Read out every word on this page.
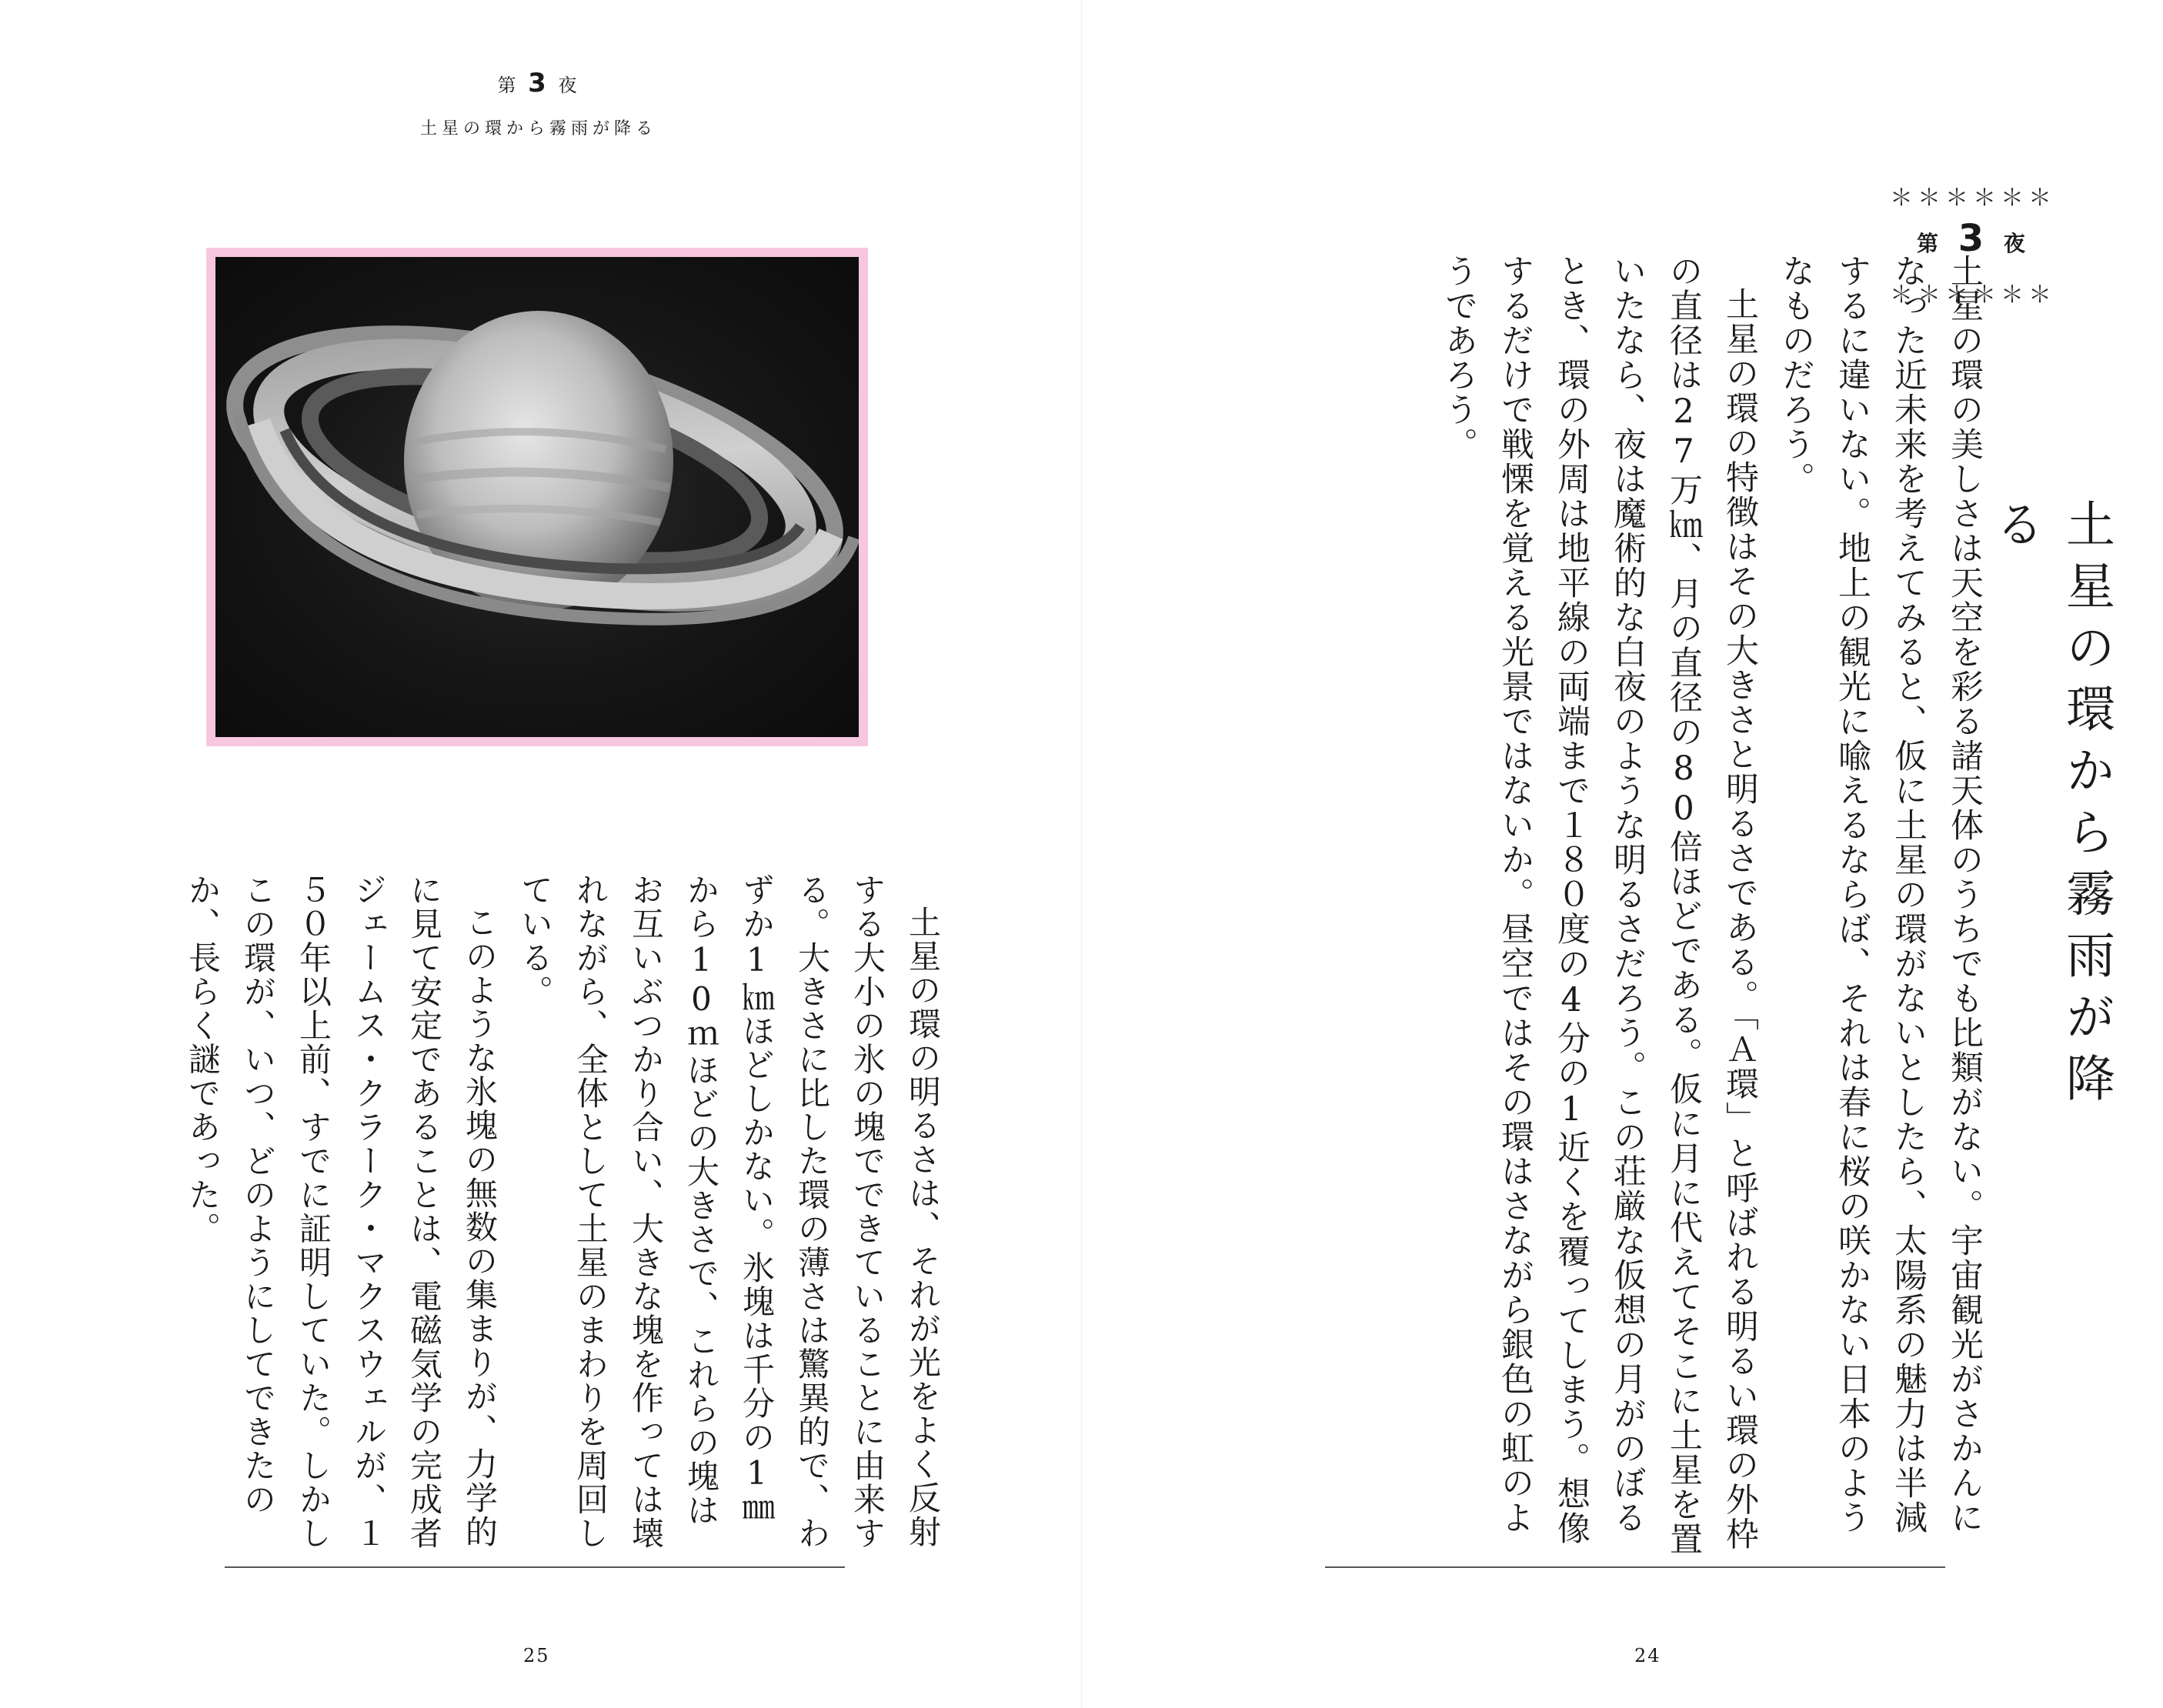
第 3 夜
土星の環から霧雨が降る

土星の環の明るさは、それが光をよく反射する大小の氷の塊でできていることに由来する。大きさに比した環の薄さは驚異的で、わずか1㎞ほどしかない。氷塊は千分の1㎜から10ｍほどの大きさで、これらの塊はお互いぶつかり合い、大きな塊を作っては壊れながら、全体として土星のまわりを周回している。

このような氷塊の無数の集まりが、力学的に見て安定であることは、電磁気学の完成者ジェームス・クラーク・マクスウェルが、１５０年以上前、すでに証明していた。しかしこの環が、いつ、どのようにしてできたのか、長らく謎であった。

25
＊＊＊＊＊＊
第 3 夜
＊＊＊＊＊＊
土星の環から霧雨が降る

土星の環の美しさは天空を彩る諸天体のうちでも比類がない。宇宙観光がさかんになった近未来を考えてみると、仮に土星の環がないとしたら、太陽系の魅力は半減するに違いない。地上の観光に喩えるならば、それは春に桜の咲かない日本のようなものだろう。

土星の環の特徴はその大きさと明るさである。「Ａ環」と呼ばれる明るい環の外枠の直径は27万㎞、月の直径の80倍ほどである。仮に月に代えてそこに土星を置いたなら、夜は魔術的な白夜のような明るさだろう。この荘厳な仮想の月がのぼるとき、環の外周は地平線の両端まで１８０度の4分の1近くを覆ってしまう。想像するだけで戦慄を覚える光景ではないか。昼空ではその環はさながら銀色の虹のようであろう。

24
